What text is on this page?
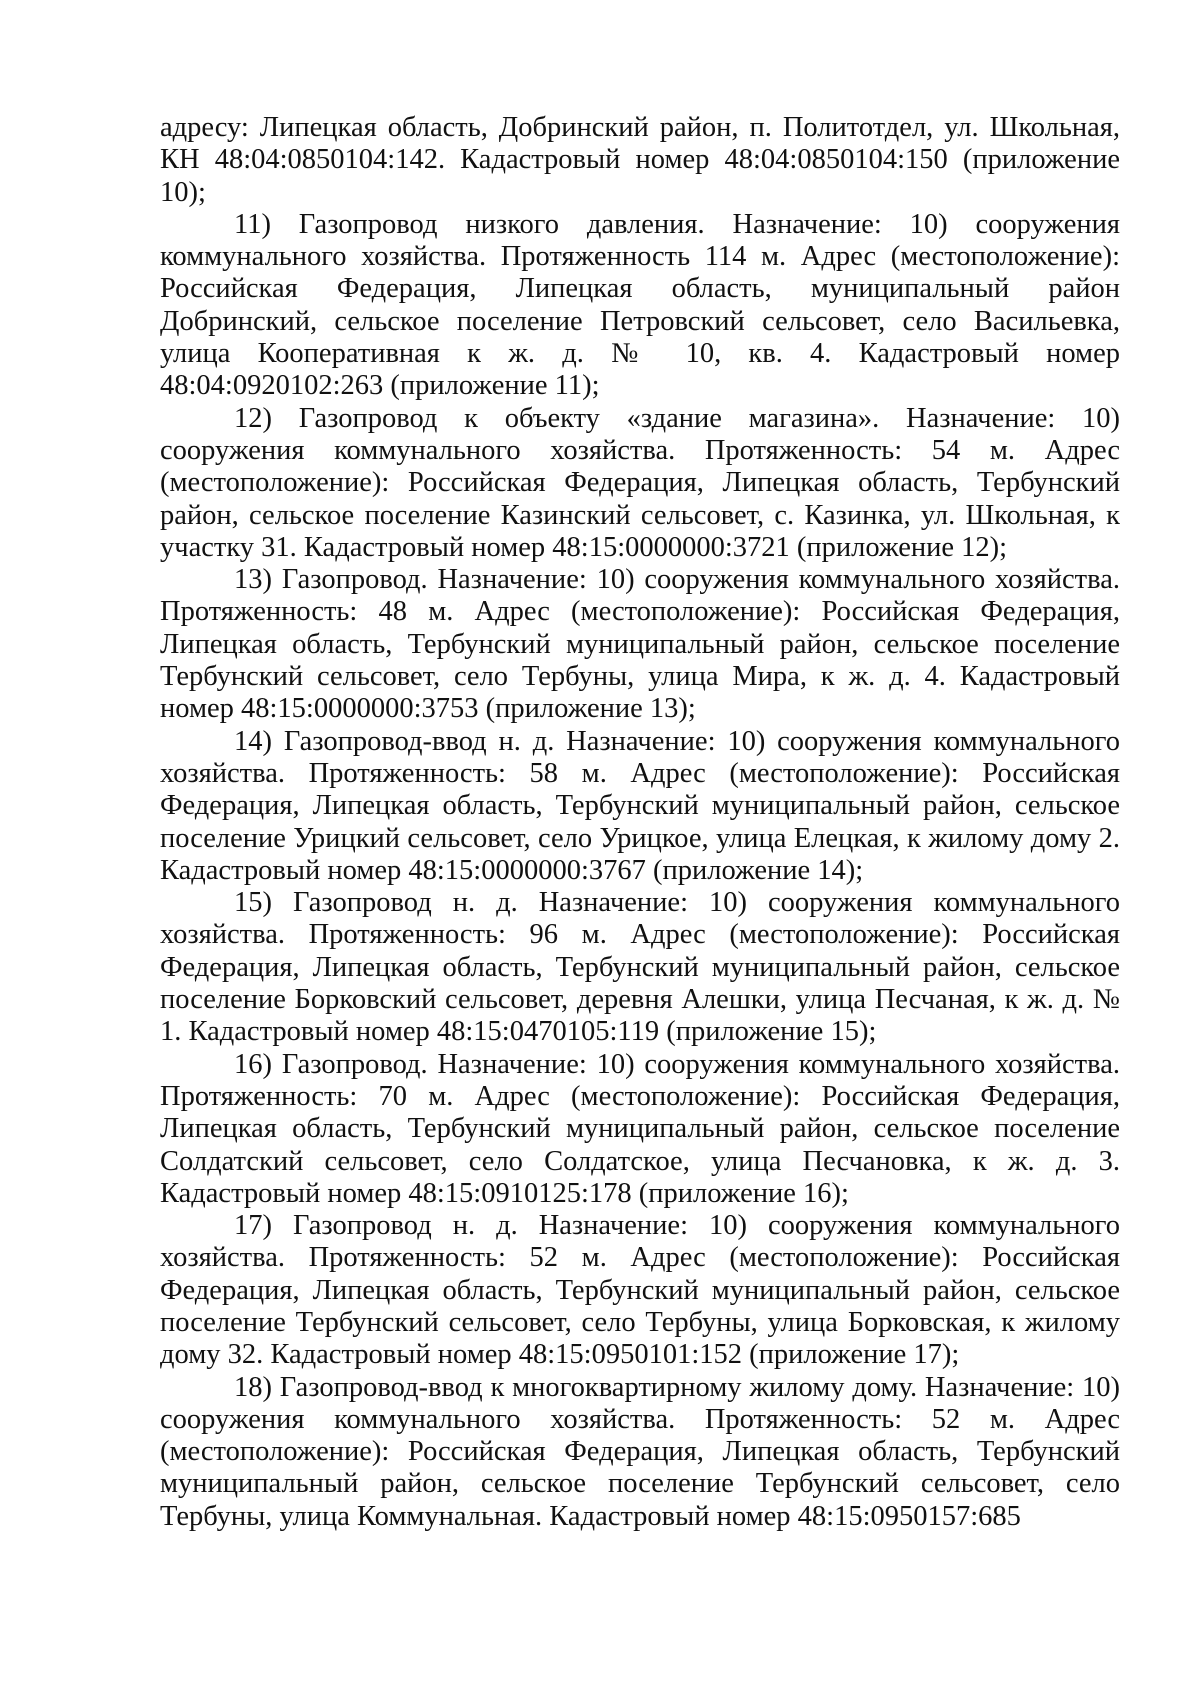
адресу: Липецкая область, Добринский район, п. Политотдел, ул. Школьная, КН 48:04:0850104:142. Кадастровый номер 48:04:0850104:150 (приложение 10);

11) Газопровод низкого давления. Назначение: 10) сооружения коммунального хозяйства. Протяженность 114 м. Адрес (местоположение): Российская Федерация, Липецкая область, муниципальный район Добринский, сельское поселение Петровский сельсовет, село Васильевка, улица Кооперативная к ж. д. № 10, кв. 4. Кадастровый номер 48:04:0920102:263 (приложение 11);

12) Газопровод к объекту «здание магазина». Назначение: 10) сооружения коммунального хозяйства. Протяженность: 54 м. Адрес (местоположение): Российская Федерация, Липецкая область, Тербунский район, сельское поселение Казинский сельсовет, с. Казинка, ул. Школьная, к участку 31. Кадастровый номер 48:15:0000000:3721 (приложение 12);

13) Газопровод. Назначение: 10) сооружения коммунального хозяйства. Протяженность: 48 м. Адрес (местоположение): Российская Федерация, Липецкая область, Тербунский муниципальный район, сельское поселение Тербунский сельсовет, село Тербуны, улица Мира, к ж. д. 4. Кадастровый номер 48:15:0000000:3753 (приложение 13);

14) Газопровод-ввод н. д. Назначение: 10) сооружения коммунального хозяйства. Протяженность: 58 м. Адрес (местоположение): Российская Федерация, Липецкая область, Тербунский муниципальный район, сельское поселение Урицкий сельсовет, село Урицкое, улица Елецкая, к жилому дому 2. Кадастровый номер 48:15:0000000:3767 (приложение 14);

15) Газопровод н. д. Назначение: 10) сооружения коммунального хозяйства. Протяженность: 96 м. Адрес (местоположение): Российская Федерация, Липецкая область, Тербунский муниципальный район, сельское поселение Борковский сельсовет, деревня Алешки, улица Песчаная, к ж. д. № 1. Кадастровый номер 48:15:0470105:119 (приложение 15);

16) Газопровод. Назначение: 10) сооружения коммунального хозяйства. Протяженность: 70 м. Адрес (местоположение): Российская Федерация, Липецкая область, Тербунский муниципальный район, сельское поселение Солдатский сельсовет, село Солдатское, улица Песчановка, к ж. д. 3. Кадастровый номер 48:15:0910125:178 (приложение 16);

17) Газопровод н. д. Назначение: 10) сооружения коммунального хозяйства. Протяженность: 52 м. Адрес (местоположение): Российская Федерация, Липецкая область, Тербунский муниципальный район, сельское поселение Тербунский сельсовет, село Тербуны, улица Борковская, к жилому дому 32. Кадастровый номер 48:15:0950101:152 (приложение 17);

18) Газопровод-ввод к многоквартирному жилому дому. Назначение: 10) сооружения коммунального хозяйства. Протяженность: 52 м. Адрес (местоположение): Российская Федерация, Липецкая область, Тербунский муниципальный район, сельское поселение Тербунский сельсовет, село Тербуны, улица Коммунальная. Кадастровый номер 48:15:0950157:685
